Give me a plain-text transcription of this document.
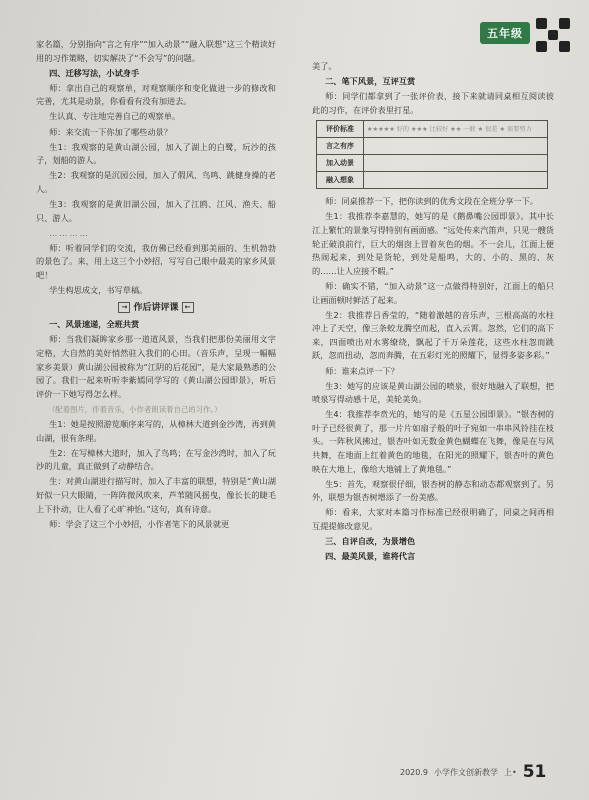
五年级

家名篇，分别指向“言之有序”“加入动景”“融入联想”这三个精读好用的习作策略，切实解决了“不会写”的问题。

四、迁移写法，小试身手

师：拿出自己的观察单，对观察顺序和变化做进一步的修改和完善，尤其是动景，你看看有没有加进去。

生认真、专注地完善自己的观察单。

师：来交流一下你加了哪些动景？

生1：我观察的是黄山湖公园，加入了湖上的白鹭，玩沙的孩子，划船的游人。

生2：我观察的是沉园公园，加入了假风、鸟鸣、跳健身操的老人。

生3：我观察的是黄旧湖公园，加入了江鸥、江风、渔夫、船只、游人。

…………

师：听着同学们的交流，我仿佛已经看到那美丽的、生机勃勃的景色了。来，用上这三个小妙招，写写自己眼中最美的家乡风景吧！

学生构思成文，书写草稿。

→ 作后讲评课 ←

一、风景速递，全班共赏

师：当我们凝眸家乡那一道道风景，当我们把那份美丽用文字定格，大自然的美好悄然驻入我们的心田。（音乐声，呈现一幅幅家乡美景）黄山湖公园被称为“江阴的后花园”，是大家最熟悉的公园了。我们一起来听听李紫嫣同学写的《黄山湖公园即景》，听后评价一下她写得怎么样。

（配着图片，伴着音乐，小作者朗读着自己的习作。）

生1：她是按照游览顺序来写的，从樟林大道到金沙湾，再到黄山湖，很有条理。

生2：在写樟林大道时，加入了鸟鸣；在写金沙湾时，加入了玩沙的儿童，真正做到了动静结合。

生：对黄山湖进行描写时，加入了丰富的联想，特别是“黄山湖好似一只大眼睛，一阵阵微风吹来，芦苇随风摇曳，像长长的睫毛上下扑动，让人看了心旷神怡。”这句，真有诗意。

师：学会了这三个小妙招，小作者笔下的风景就更

美了。

二、笔下风景，互评互赏

师：同学们都拿到了一张评价表，接下来就请同桌相互阅读彼此的习作，在评价表里打星。

评价标准	★★★★★ 好的 ★★★ 比较好 ★★ 一般 ★ 很差 ★ 需要努力
言之有序	
加入动景	
融入想象	

师：同桌推荐一下，把你读到的优秀文段在全班分享一下。

生1：我推荐李嘉慧的，她写的是《鹅鼻嘴公园即景》。其中长江上繁忙的景象写得特别有画面感。“远处传来汽笛声，只见一艘货轮正破浪前行，巨大的烟囱上冒着灰色的烟。不一会儿，江面上便热闹起来，到处是货轮，到处是船鸣，大的、小的、黑的、灰的……让人应接不暇。”

师：确实不错，“加入动景”这一点做得特别好，江面上的船只让画面顿时鲜活了起来。

生2：我推荐吕香莹的，“随着激越的音乐声，三根高高的水柱冲上了天空，像三条蛟龙腾空而起，直入云霄。忽然，它们的高下来，四面喷出对水雾缭绕，飘起了千万朵莲花，这些水柱忽而跳跃，忽而扭动，忽而奔腾，在五彩灯光的照耀下，显得多姿多彩。”

师：谁来点评一下？

生3：她写的应该是黄山湖公园的喷泉，很好地融入了联想，把喷泉写得动感十足，美轮美奂。

生4：我推荐李贲光的，她写的是《五星公园即景》。“银杏树的叶子已经很黄了，那一片片如扇子般的叶子宛如一串串风铃挂在枝头。一阵秋风拂过，银杏叶如无数金黄色蝴蝶在飞舞，像是在与风共舞，在地面上红着黄色的地毯，在阳光的照耀下，银杏叶的黄色映在大地上，像给大地铺上了黄地毯。”

生5：首先，观察很仔细，银杏树的静态和动态都观察到了。另外，联想为银杏树增添了一份美感。

师：看来，大家对本篇习作标准已经很明确了，同桌之间再相互提提修改意见。

三、自评自改，为景增色

四、最美风景，谁将代言

2020.9 小学作文创新教学 上• 51
